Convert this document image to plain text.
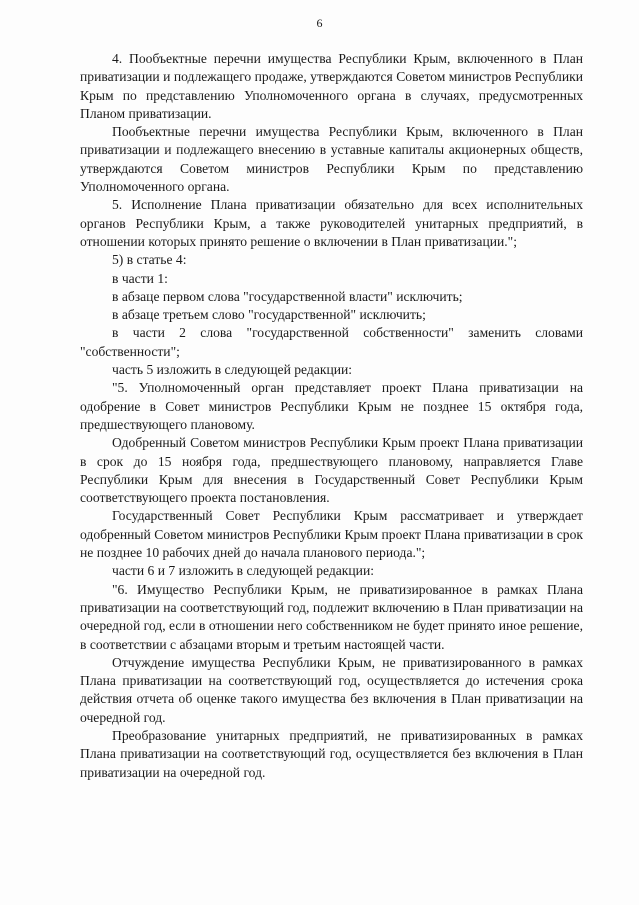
6

4. Пообъектные перечни имущества Республики Крым, включенного в План приватизации и подлежащего продаже, утверждаются Советом министров Республики Крым по представлению Уполномоченного органа в случаях, предусмотренных Планом приватизации.

Пообъектные перечни имущества Республики Крым, включенного в План приватизации и подлежащего внесению в уставные капиталы акционерных обществ, утверждаются Советом министров Республики Крым по представлению Уполномоченного органа.

5. Исполнение Плана приватизации обязательно для всех исполнительных органов Республики Крым, а также руководителей унитарных предприятий, в отношении которых принято решение о включении в План приватизации.";

5) в статье 4:

в части 1:

в абзаце первом слова "государственной власти" исключить;

в абзаце третьем слово "государственной" исключить;

в части 2 слова "государственной собственности" заменить словами "собственности";

часть 5 изложить в следующей редакции:

"5. Уполномоченный орган представляет проект Плана приватизации на одобрение в Совет министров Республики Крым не позднее 15 октября года, предшествующего плановому.

Одобренный Советом министров Республики Крым проект Плана приватизации в срок до 15 ноября года, предшествующего плановому, направляется Главе Республики Крым для внесения в Государственный Совет Республики Крым соответствующего проекта постановления.

Государственный Совет Республики Крым рассматривает и утверждает одобренный Советом министров Республики Крым проект Плана приватизации в срок не позднее 10 рабочих дней до начала планового периода.";

части 6 и 7 изложить в следующей редакции:

"6. Имущество Республики Крым, не приватизированное в рамках Плана приватизации на соответствующий год, подлежит включению в План приватизации на очередной год, если в отношении него собственником не будет принято иное решение, в соответствии с абзацами вторым и третьим настоящей части.

Отчуждение имущества Республики Крым, не приватизированного в рамках Плана приватизации на соответствующий год, осуществляется до истечения срока действия отчета об оценке такого имущества без включения в План приватизации на очередной год.

Преобразование унитарных предприятий, не приватизированных в рамках Плана приватизации на соответствующий год, осуществляется без включения в План приватизации на очередной год.
